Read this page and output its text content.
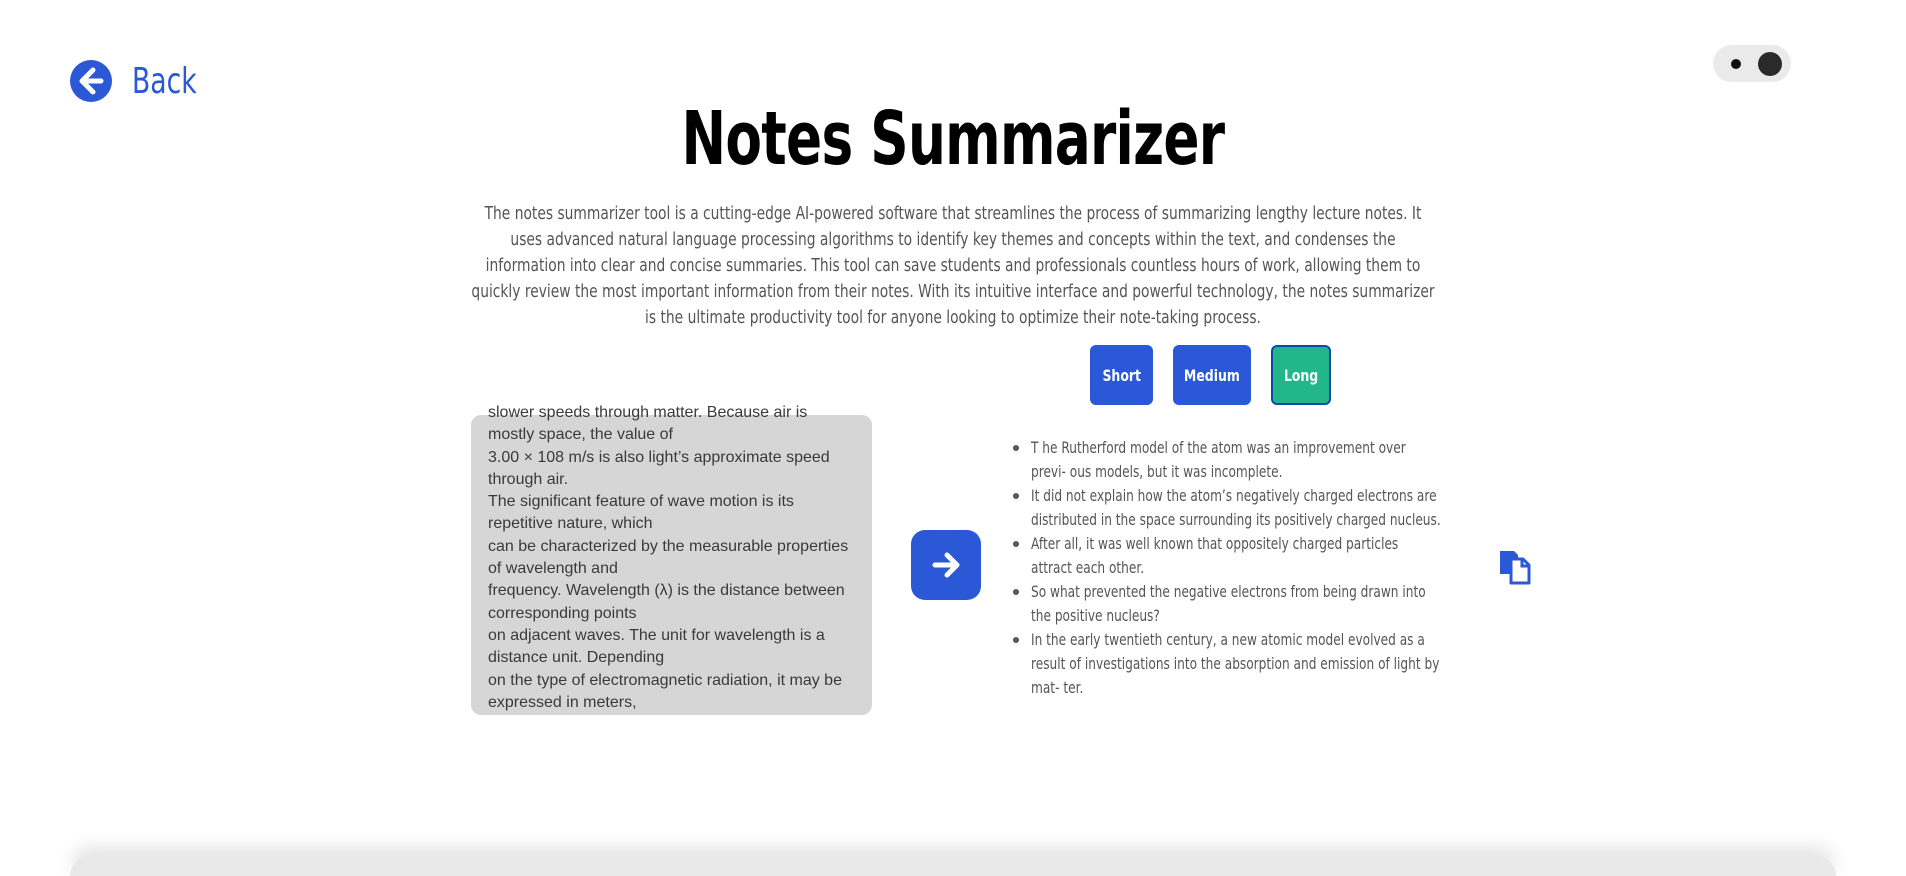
Back
Notes Summarizer
The notes summarizer tool is a cutting-edge AI-powered software that streamlines the process of summarizing lengthy lecture notes. It uses advanced natural language processing algorithms to identify key themes and concepts within the text, and condenses the information into clear and concise summaries. This tool can save students and professionals countless hours of work, allowing them to quickly review the most important information from their notes. With its intuitive interface and powerful technology, the notes summarizer is the ultimate productivity tool for anyone looking to optimize their note-taking process.
Short	Medium	Long
slower speeds through matter. Because air is
mostly space, the value of
3.00 × 108 m/s is also light’s approximate speed
through air.
The significant feature of wave motion is its
repetitive nature, which
can be characterized by the measurable properties
of wavelength and
frequency. Wavelength (λ) is the distance between
corresponding points
on adjacent waves. The unit for wavelength is a
distance unit. Depending
on the type of electromagnetic radiation, it may be
expressed in meters,
T he Rutherford model of the atom was an improvement over previ- ous models, but it was incomplete.
It did not explain how the atom’s negatively charged electrons are distributed in the space surrounding its positively charged nucleus.
After all, it was well known that oppositely charged particles attract each other.
So what prevented the negative electrons from being drawn into the positive nucleus?
In the early twentieth century, a new atomic model evolved as a result of investigations into the absorption and emission of light by mat- ter.
